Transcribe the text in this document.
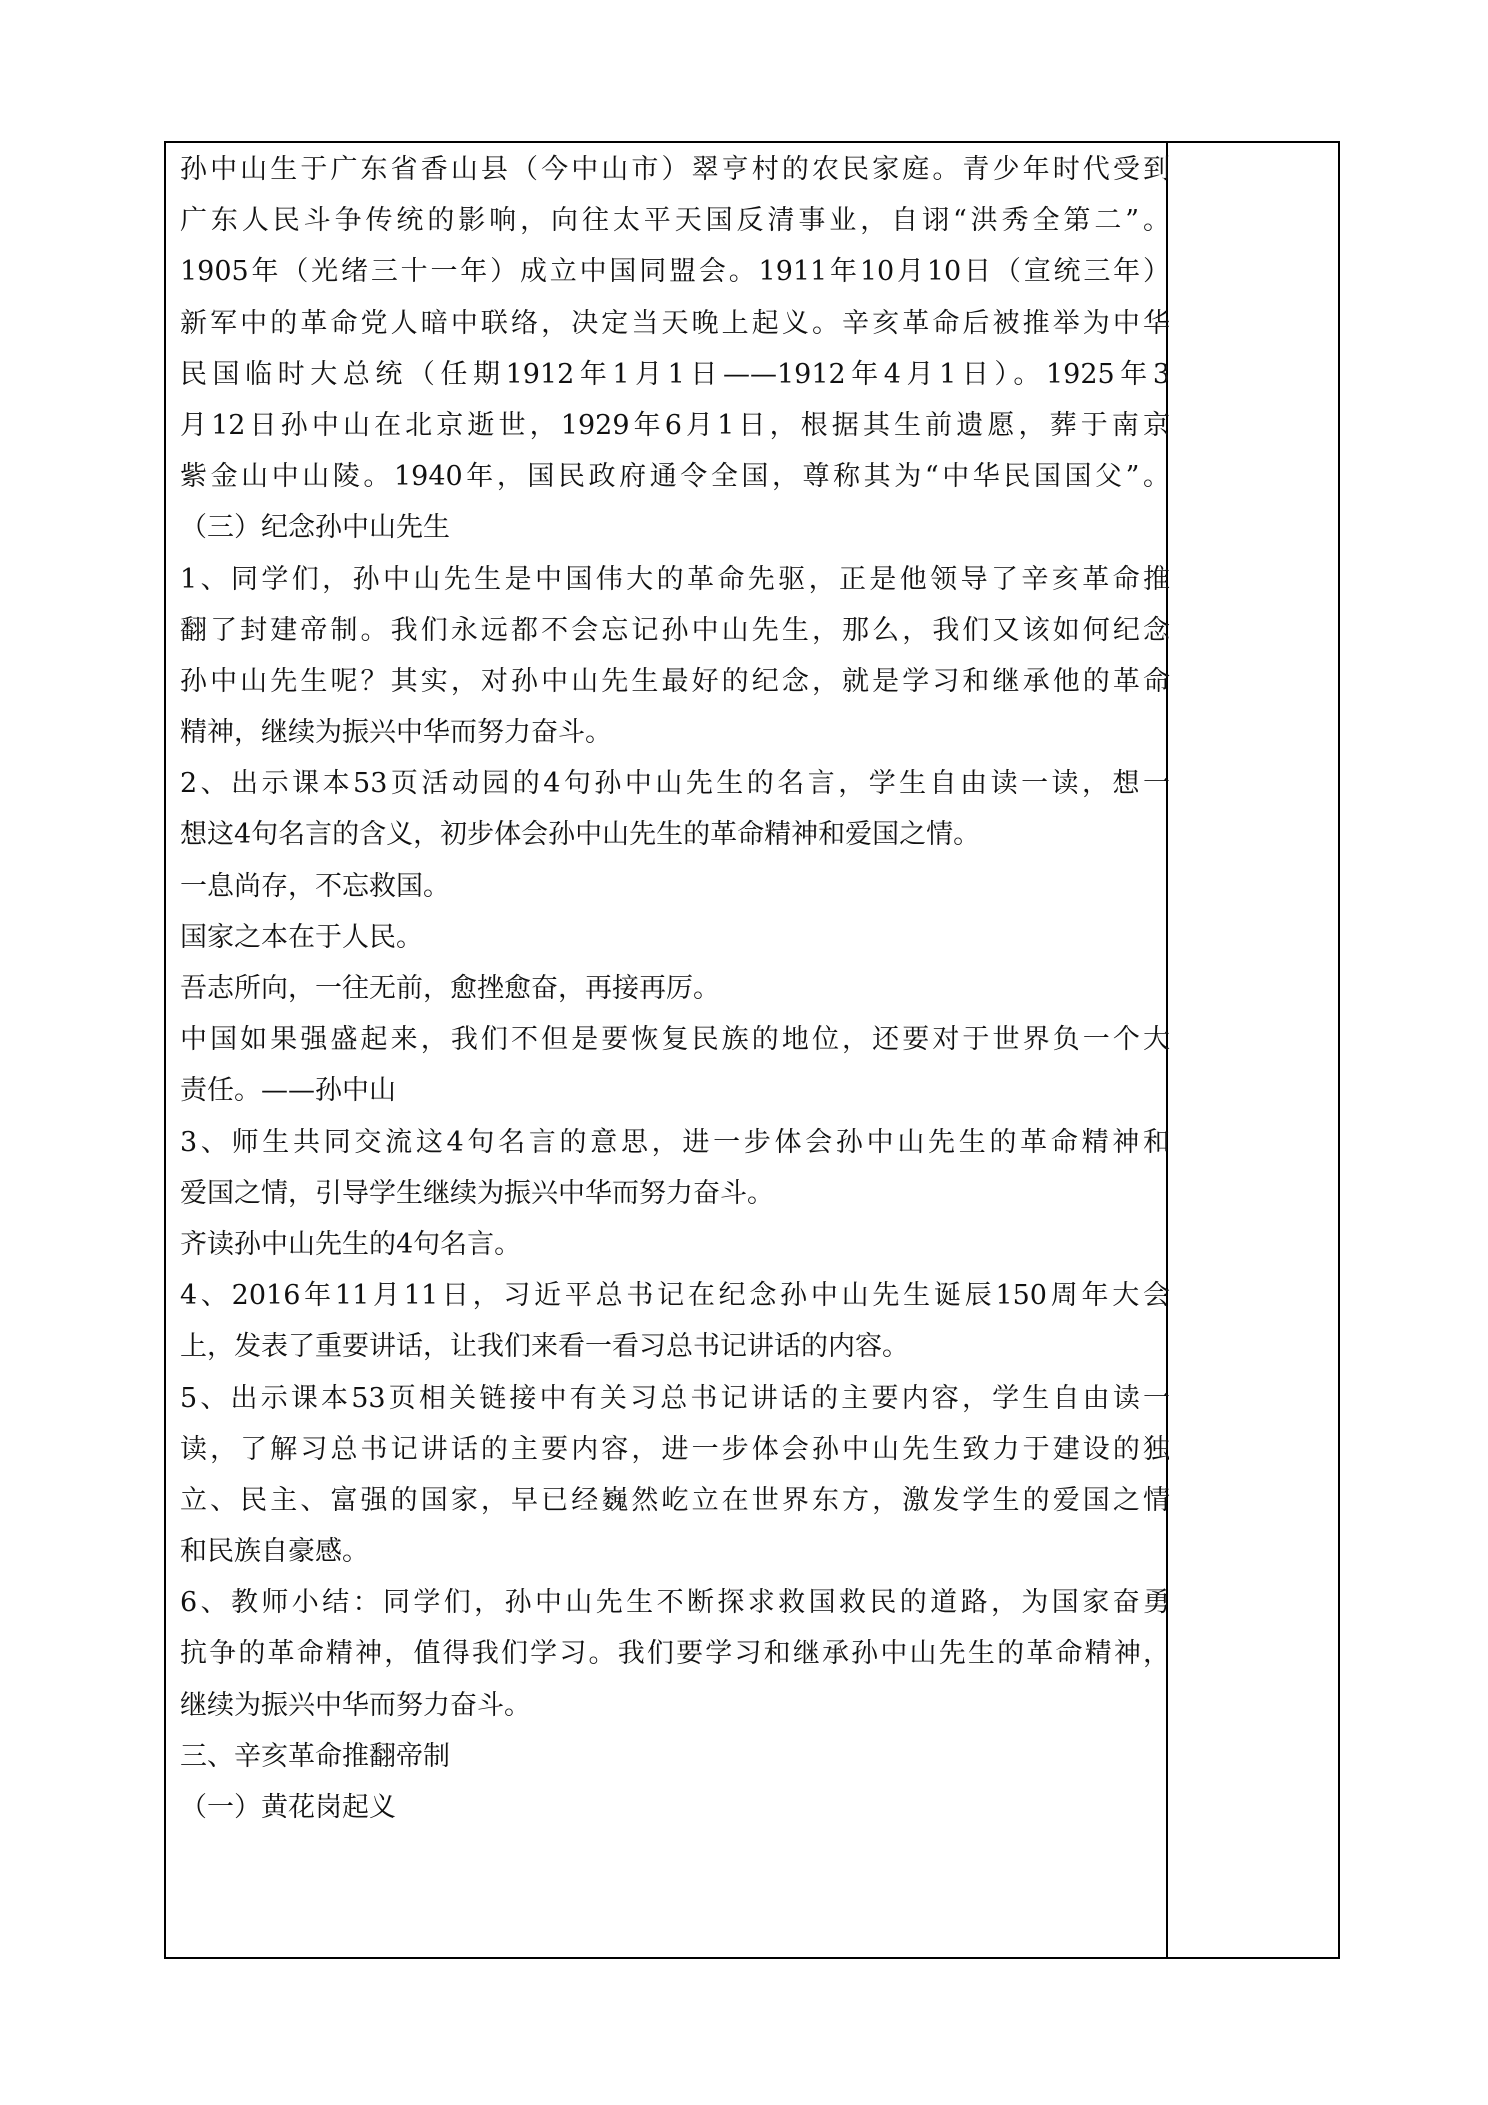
孙中山生于广东省香山县（今中山市）翠亨村的农民家庭。青少年时代受到
广东人民斗争传统的影响，向往太平天国反清事业，自诩“洪秀全第二”。
1905年（光绪三十一年）成立中国同盟会。1911年10月10日（宣统三年）
新军中的革命党人暗中联络，决定当天晚上起义。辛亥革命后被推举为中华
民国临时大总统（任期1912年1月1日——1912年4月1日）。1925年3
月12日孙中山在北京逝世，1929年6月1日，根据其生前遗愿，葬于南京
紫金山中山陵。1940年，国民政府通令全国，尊称其为“中华民国国父”。
（三）纪念孙中山先生
1、同学们，孙中山先生是中国伟大的革命先驱，正是他领导了辛亥革命推
翻了封建帝制。我们永远都不会忘记孙中山先生，那么，我们又该如何纪念
孙中山先生呢？其实，对孙中山先生最好的纪念，就是学习和继承他的革命
精神，继续为振兴中华而努力奋斗。
2、出示课本53页活动园的4句孙中山先生的名言，学生自由读一读，想一
想这4句名言的含义，初步体会孙中山先生的革命精神和爱国之情。
一息尚存，不忘救国。
国家之本在于人民。
吾志所向，一往无前，愈挫愈奋，再接再厉。
中国如果强盛起来，我们不但是要恢复民族的地位，还要对于世界负一个大
责任。——孙中山
3、师生共同交流这4句名言的意思，进一步体会孙中山先生的革命精神和
爱国之情，引导学生继续为振兴中华而努力奋斗。
齐读孙中山先生的4句名言。
4、2016年11月11日，习近平总书记在纪念孙中山先生诞辰150周年大会
上，发表了重要讲话，让我们来看一看习总书记讲话的内容。
5、出示课本53页相关链接中有关习总书记讲话的主要内容，学生自由读一
读，了解习总书记讲话的主要内容，进一步体会孙中山先生致力于建设的独
立、民主、富强的国家，早已经巍然屹立在世界东方，激发学生的爱国之情
和民族自豪感。
6、教师小结：同学们，孙中山先生不断探求救国救民的道路，为国家奋勇
抗争的革命精神，值得我们学习。我们要学习和继承孙中山先生的革命精神，
继续为振兴中华而努力奋斗。
三、辛亥革命推翻帝制
（一）黄花岗起义
